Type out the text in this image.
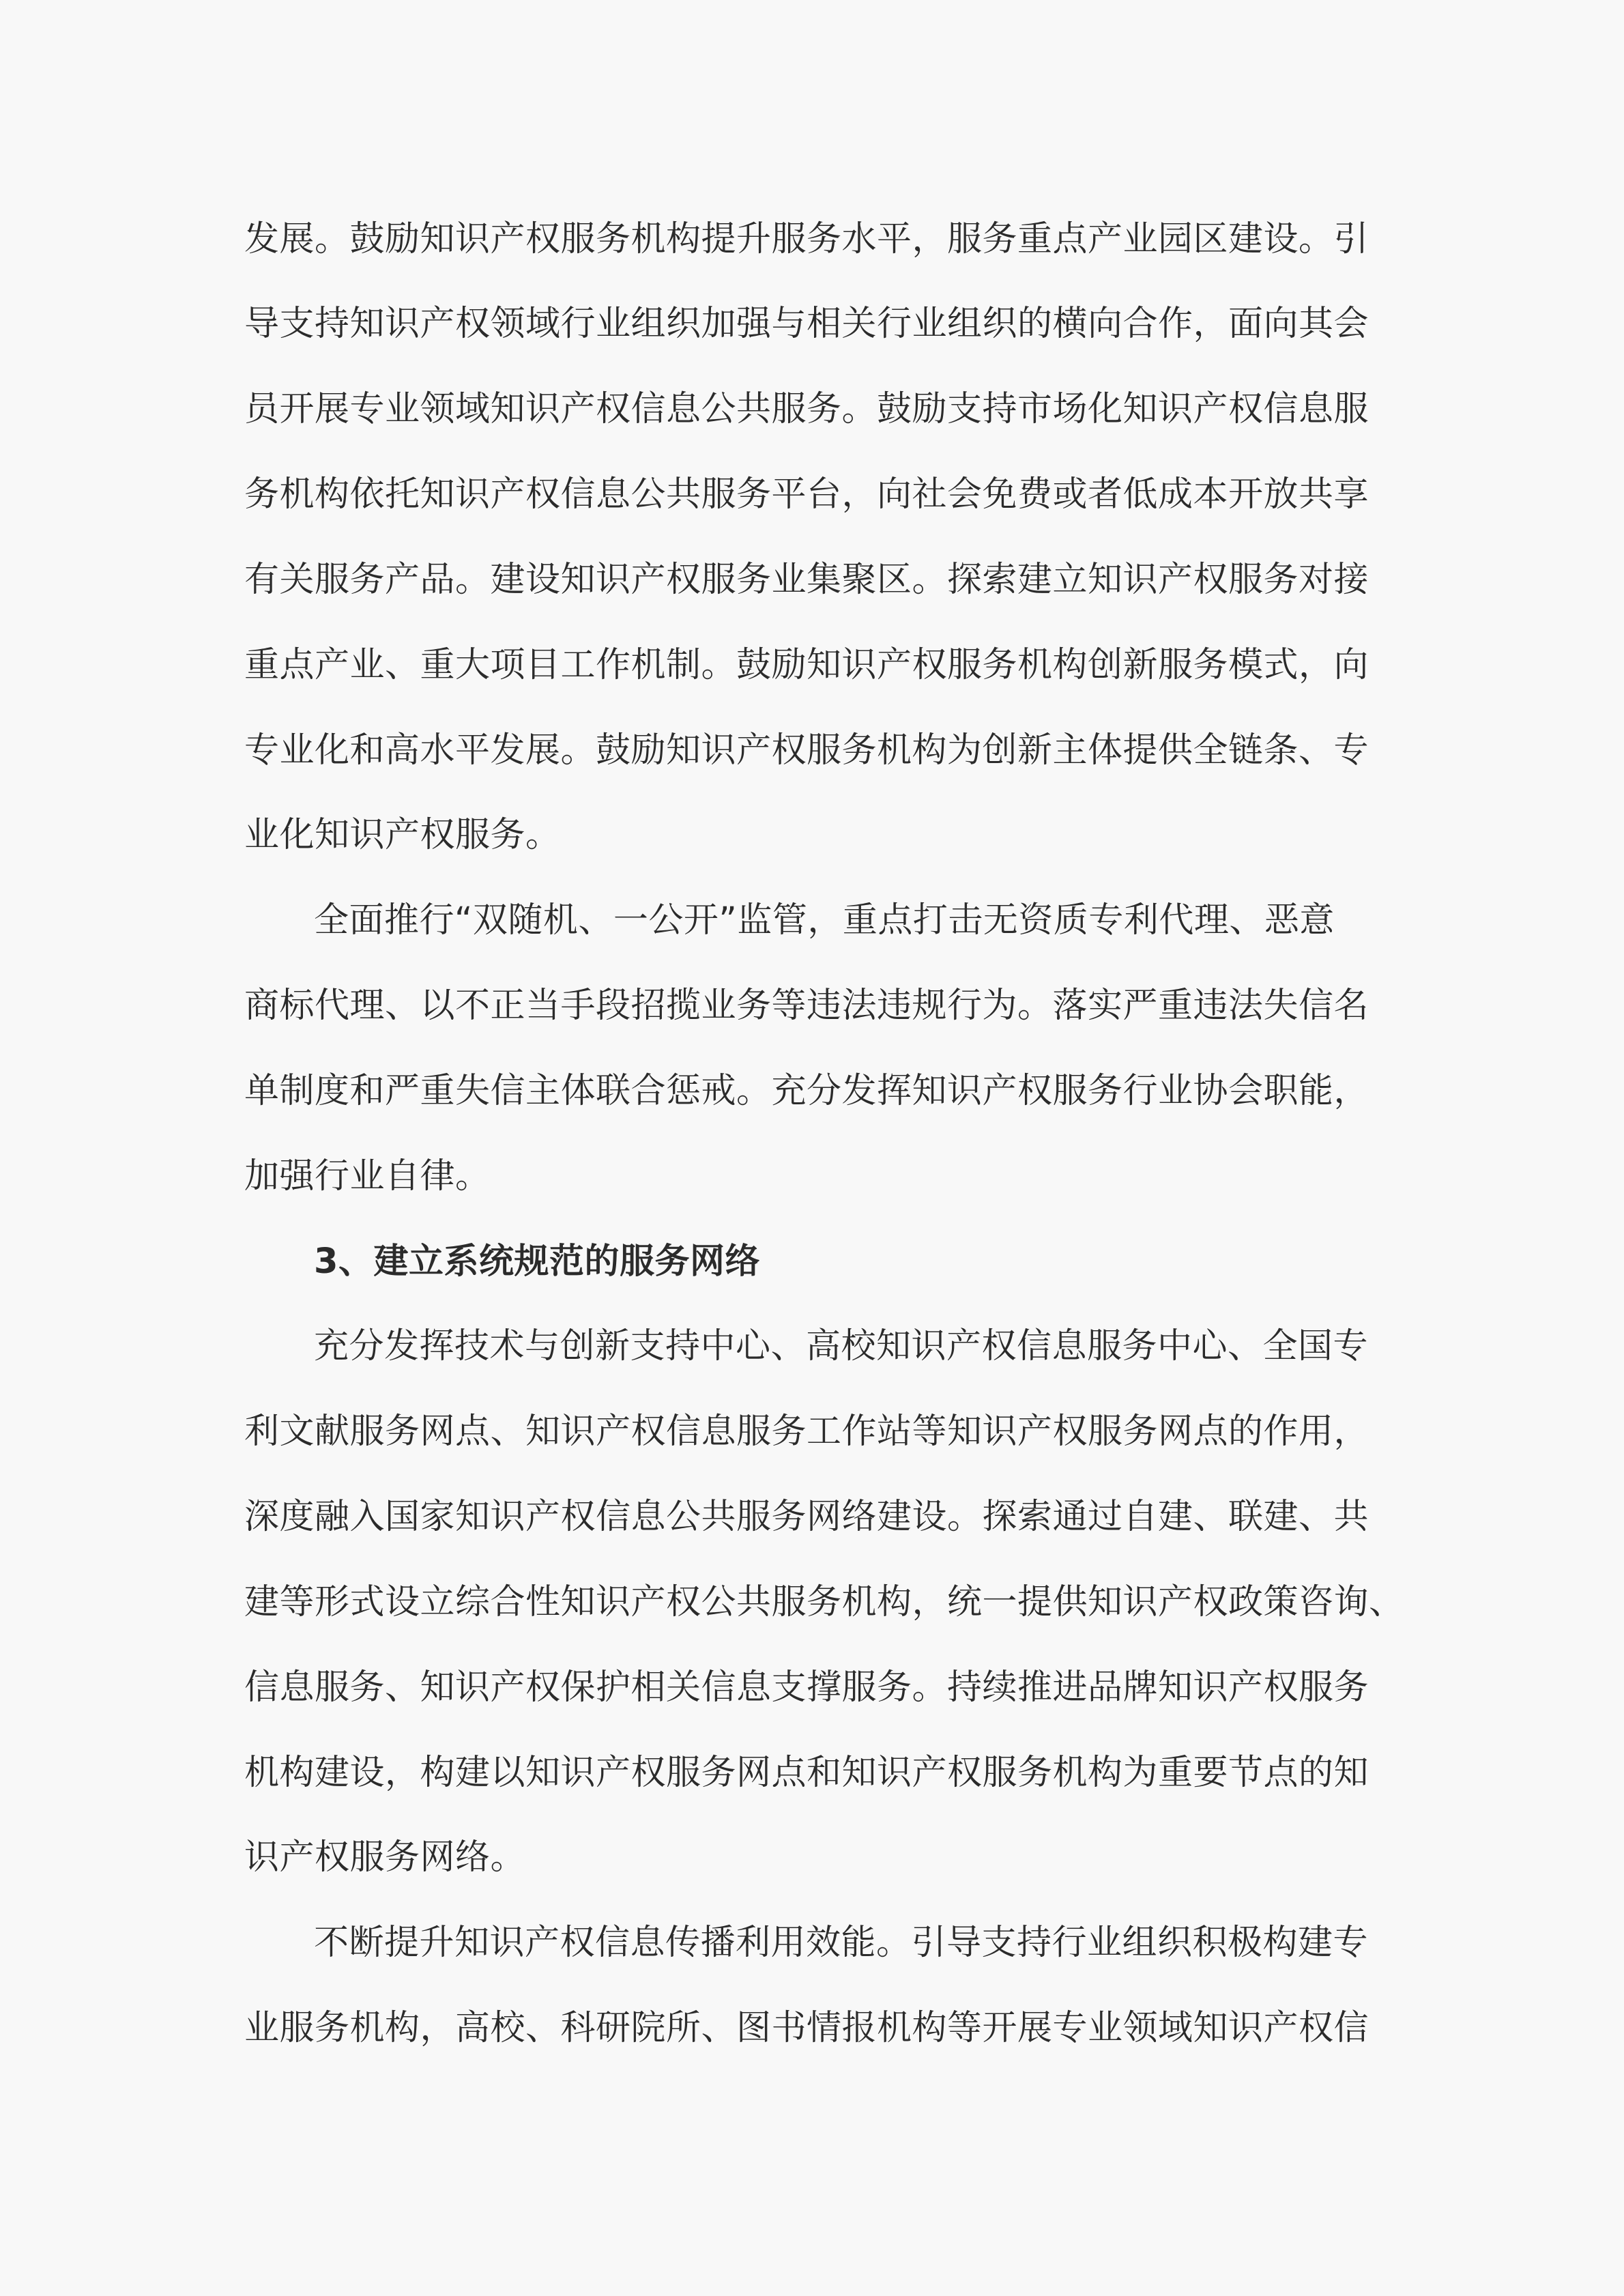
发展。鼓励知识产权服务机构提升服务水平，服务重点产业园区建设。引
导支持知识产权领域行业组织加强与相关行业组织的横向合作，面向其会
员开展专业领域知识产权信息公共服务。鼓励支持市场化知识产权信息服
务机构依托知识产权信息公共服务平台，向社会免费或者低成本开放共享
有关服务产品。建设知识产权服务业集聚区。探索建立知识产权服务对接
重点产业、重大项目工作机制。鼓励知识产权服务机构创新服务模式，向
专业化和高水平发展。鼓励知识产权服务机构为创新主体提供全链条、专
业化知识产权服务。
全面推行“双随机、一公开”监管，重点打击无资质专利代理、恶意
商标代理、以不正当手段招揽业务等违法违规行为。落实严重违法失信名
单制度和严重失信主体联合惩戒。充分发挥知识产权服务行业协会职能，
加强行业自律。
3、建立系统规范的服务网络
充分发挥技术与创新支持中心、高校知识产权信息服务中心、全国专
利文献服务网点、知识产权信息服务工作站等知识产权服务网点的作用，
深度融入国家知识产权信息公共服务网络建设。探索通过自建、联建、共
建等形式设立综合性知识产权公共服务机构，统一提供知识产权政策咨询、
信息服务、知识产权保护相关信息支撑服务。持续推进品牌知识产权服务
机构建设，构建以知识产权服务网点和知识产权服务机构为重要节点的知
识产权服务网络。
不断提升知识产权信息传播利用效能。引导支持行业组织积极构建专
业服务机构，高校、科研院所、图书情报机构等开展专业领域知识产权信
